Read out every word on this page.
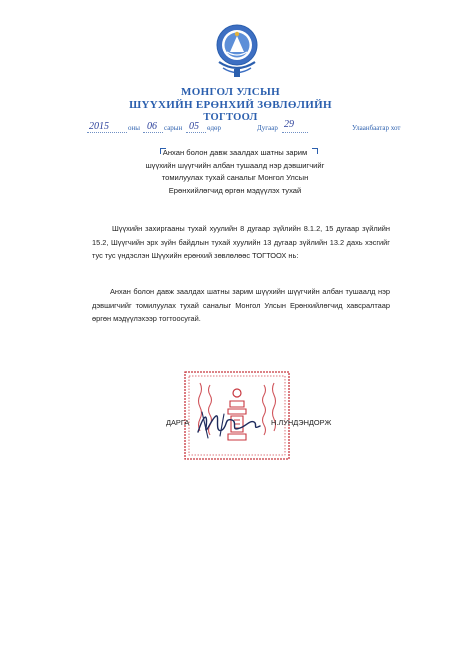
МОНГОЛ УЛСЫН
ШҮҮХИЙН ЕРӨНХИЙ ЗӨВЛӨЛИЙН
ТОГТООЛ
2015	оны 06 сарын 05 өдөр	Дугаар 29	Улаанбаатар хот
Анхан болон давж заалдах шатны зарим
шүүхийн шүүгчийн албан тушаалд нэр дэвшигчийг
томилуулах тухай саналыг Монгол Улсын
Ерөнхийлөгчид өргөн мэдүүлэх тухай
Шүүхийн захиргааны тухай хуулийн 8 дугаар зүйлийн 8.1.2, 15 дугаар зүйлийн 15.2, Шүүгчийн эрх зүйн байдлын тухай хуулийн 13 дугаар зүйлийн 13.2 дахь хэсгийг тус тус үндэслэн Шүүхийн ерөнхий зөвлөлөөс ТОГТООХ нь:
Анхан болон давж заалдах шатны зарим шүүхийн шүүгчийн албан тушаалд нэр дэвшигчийг томилуулах тухай саналыг Монгол Улсын Ерөнхийлөгчид хавсралтаар өргөн мэдүүлэхээр тогтоосугай.
ДАРГА	Н.ЛУНДЭНДОРЖ
